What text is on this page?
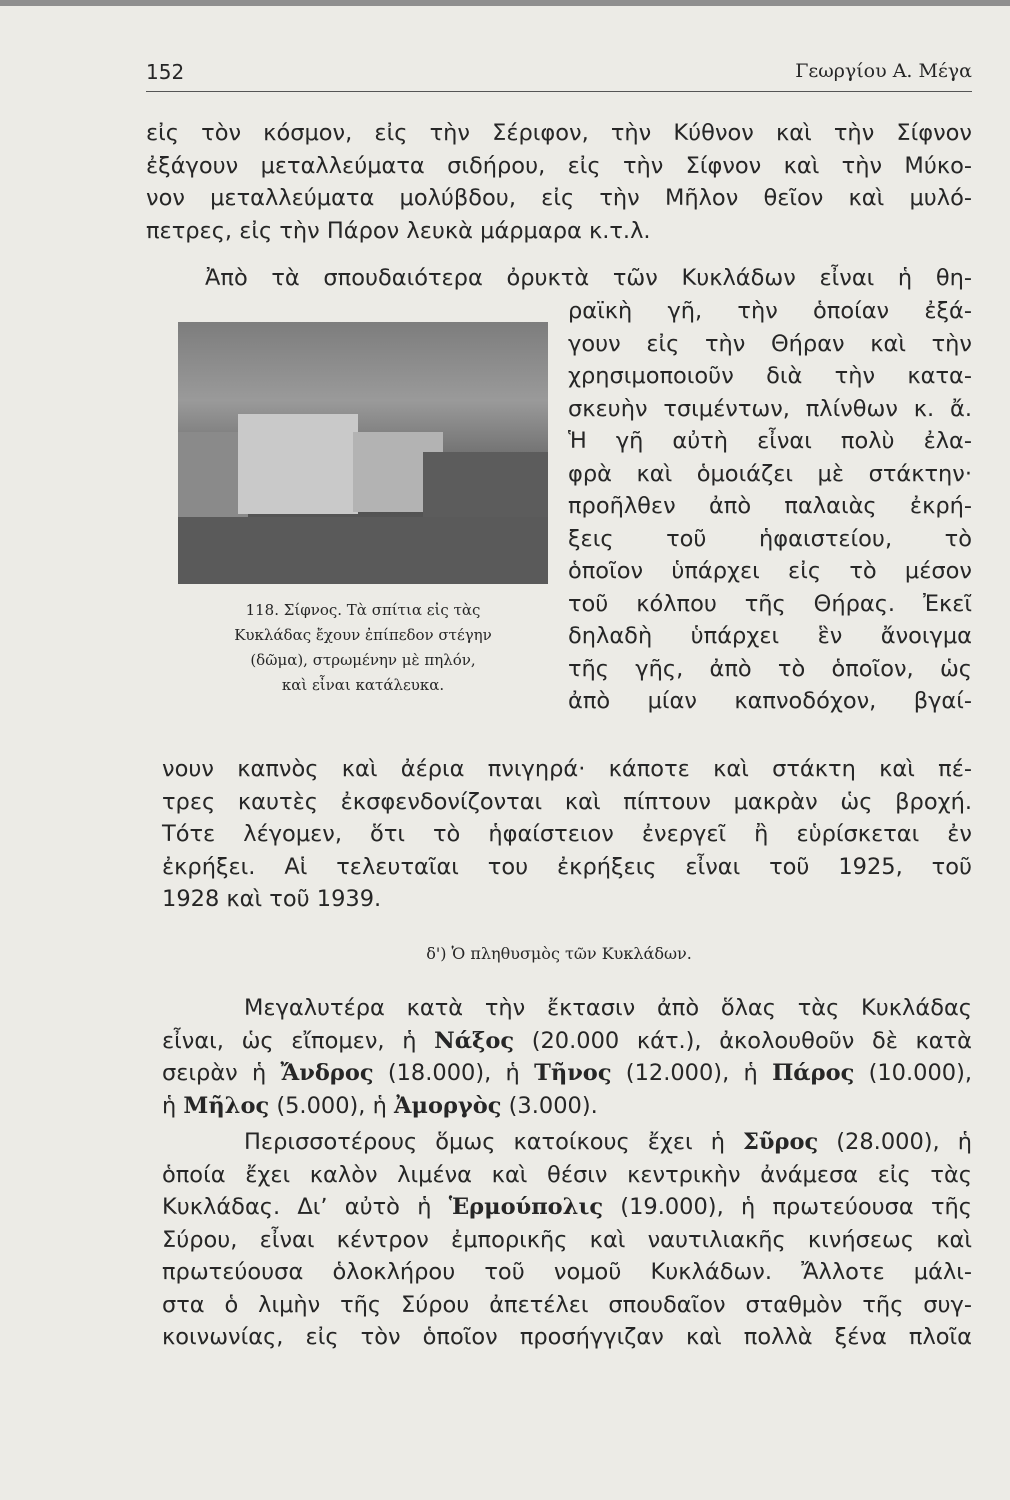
152	Γεωργίου Α. Μέγα
εἰς τὸν κόσμον, εἰς τὴν Σέριφον, τὴν Κύθνον καὶ τὴν Σίφνον
ἐξάγουν μεταλλεύματα σιδήρου, εἰς τὴν Σίφνον καὶ τὴν Μύκο-
νον μεταλλεύματα μολύβδου, εἰς τὴν Μῆλον θεῖον καὶ μυλό-
πετρες, εἰς τὴν Πάρον λευκὰ μάρμαρα κ.τ.λ.
Ἀπὸ τὰ σπουδαιότερα ὀρυκτὰ τῶν Κυκλάδων εἶναι ἡ θη-
118. Σίφνος. Τὰ σπίτια εἰς τὰς
Κυκλάδας ἔχουν ἐπίπεδον στέγην
(δῶμα), στρωμένην μὲ πηλόν,
καὶ εἶναι κατάλευκα.
ραϊκὴ γῆ, τὴν ὁποίαν ἐξά-
γουν εἰς τὴν Θήραν καὶ τὴν
χρησιμοποιοῦν διὰ τὴν κατα-
σκευὴν τσιμέντων, πλίνθων κ. ἄ.
Ἡ γῆ αὐτὴ εἶναι πολὺ ἐλα-
φρὰ καὶ ὁμοιάζει μὲ στάκτην·
προῆλθεν ἀπὸ παλαιὰς ἐκρή-
ξεις τοῦ ἡφαιστείου, τὸ
ὁποῖον ὑπάρχει εἰς τὸ μέσον
τοῦ κόλπου τῆς Θήρας. Ἐκεῖ
δηλαδὴ ὑπάρχει ἓν ἄνοιγμα
τῆς γῆς, ἀπὸ τὸ ὁποῖον, ὡς
ἀπὸ μίαν καπνοδόχον, βγαί-
νουν καπνὸς καὶ ἀέρια πνιγηρά· κάποτε καὶ στάκτη καὶ πέ-
τρες καυτὲς ἐκσφενδονίζονται καὶ πίπτουν μακρὰν ὡς βροχή.
Τότε λέγομεν, ὅτι τὸ ἡφαίστειον ἐνεργεῖ ἢ εὑρίσκεται ἐν
ἐκρήξει. Αἱ τελευταῖαι του ἐκρήξεις εἶναι τοῦ 1925, τοῦ
1928 καὶ τοῦ 1939.
δ') Ὁ πληθυσμὸς τῶν Κυκλάδων.
Μεγαλυτέρα κατὰ τὴν ἔκτασιν ἀπὸ ὅλας τὰς Κυκλάδας
εἶναι, ὡς εἴπομεν, ἡ Νάξος (20.000 κάτ.), ἀκολουθοῦν δὲ κατὰ
σειρὰν ἡ Ἄνδρος (18.000), ἡ Τῆνος (12.000), ἡ Πάρος (10.000),
ἡ Μῆλος (5.000), ἡ Ἀμοργὸς (3.000).
Περισσοτέρους ὅμως κατοίκους ἔχει ἡ Σῦρος (28.000), ἡ
ὁποία ἔχει καλὸν λιμένα καὶ θέσιν κεντρικὴν ἀνάμεσα εἰς τὰς
Κυκλάδας. Διʼ αὐτὸ ἡ Ἑρμούπολις (19.000), ἡ πρωτεύουσα τῆς
Σύρου, εἶναι κέντρον ἐμπορικῆς καὶ ναυτιλιακῆς κινήσεως καὶ
πρωτεύουσα ὁλοκλήρου τοῦ νομοῦ Κυκλάδων. Ἄλλοτε μάλι-
στα ὁ λιμὴν τῆς Σύρου ἀπετέλει σπουδαῖον σταθμὸν τῆς συγ-
κοινωνίας, εἰς τὸν ὁποῖον προσήγγιζαν καὶ πολλὰ ξένα πλοῖα
